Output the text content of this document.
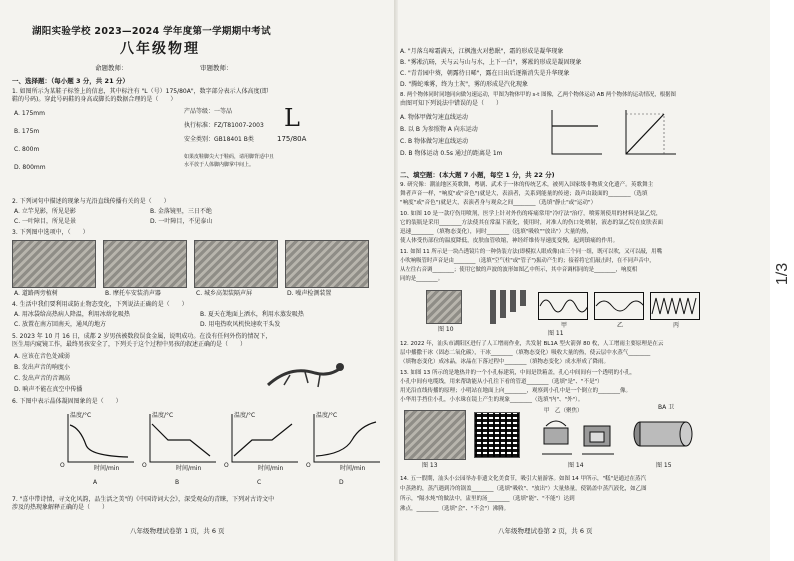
湖阳实验学校 2023—2024 学年度第一学期期中考试
八年级物理
命题教师：	审题教师：
一、选择题：（每小题 3 分，共 21 分）
1. 如图所示为某鞋子标签上的信息，其中标注有 "L（号）175/80A"，数字部分表示人体高度(即
鞋的号码)。穿此号码鞋的身高或脚长的数据合理的是（　　）
A. 175mm
B. 175m
C. 800m
D. 800mm
产品等级：一等品
执行标准：FZ/T81007-2003
安全类别：GB18401 B类
如果皮鞋脚尖大于鞋码，请用脚背适中且
水平放于人体脚内脚掌中间上。
L
175/80A
2. 下列词句中描述的现象与光沿直线传播有关的是（　　）
A. 立竿见影，所见是影	B. 金落镜里，三日不绝
C. 一叶障目，所见是景	D. 一叶障目，不见泰山
3. 下列图中选项中，（　　）
A. 道路两旁植树	B. 摩托车安装消声器	C. 城乡高架装隔声屏	D. 噪声检测装置
4. 生活中我们要利用或防止物态变化，下列说法正确的是（　　）
A. 用冰袋给高热病人降温，利用冰熔化吸热	B. 夏天在地面上洒水，利用水蒸发吸热
C. 放置在南方回南天，通风的地方	D. 用电热吹风机快速吹干头发
5. 2023 年 10 月 16 日，成都 2 岁男孩被数段误食金属，说明成功。在没有任何外伤的情况下，
医生用内窥镜工作，最终男孩安全了，下列关于这个过程中男孩的叙述正确的是（　　）
A. 应该在音色处减弱
B. 发出声音的响度小
C. 发出声音的音调高
D. 响声不能在真空中传播
6. 下图中表示晶体凝固图象的是（　　）
温度/°C
时间/min
O
温度/°C
时间/min
O
温度/°C
时间/min
O
温度/°C
时间/min
O
A	B	C	D
7. "喜中带诗情，寻文化风韵，品生活之美"的《中国诗词大会》，深受观众的青睐，下列对古诗文中
涉及的热现象解释正确的是（　　）
八年级物理试卷第 1 页，共 6 页
A. "月落乌啼霜满天，江枫渔火对愁眠"，霜的形成是凝华现象
B. "雾凇沆砀，天与云与山与水，上下一白"，雾凇的形成是凝固现象
C. "青青园中葵，朝露待日晞"，露在日出后逐渐消失是升华现象
D. "腾蛇乘雾，终为土灰"，雾的形成是汽化现象
8. 两个物体同时同地同向做匀速运动，甲图为物体甲的 s-t 图像，乙两个物体运动 AB 两个物体的运动情况，根据图
由图可知下列说法中错误的是（　　）
A. 物体甲做匀速直线运动
B. 以 B 为参照物 A 向东运动
C. B 物体做匀速直线运动
D. B 物体运动 0.5s 通过的距离是 1m
二、填空题：(本大题 7 小题，每空 1 分，共 22 分)
9. 研究像：潮汕地区英歌舞，粤剧、武术于一体的传统艺术，被列入国家级非物质文化遗产。英歌舞主
舞者声音一样，"响度"或"音色")就是大，表演者，关系到能量的传递；鼓声由鼓面的________（选填
"响度"或"音色")就是大，表演者身与观众之间________（选填"静止"或"运动"）
10. 如图 10 是一款疗伤用喷剂，医学上针对外伤的疼痛常用"冷疗法"治疗，喷雾剂使用的材料是氯乙烷，
它的装瓶是采用________方法使其在常温下液化，使用时，对准人的伤口处喷射，液态的氯乙烷在皮肤表面
迅速________（填物态变化），同时________（选填"吸收""放出"）大量的热，
使人体受伤部位的温度降低，皮肤血管收缩，神经纤维传导速度变慢，起到镇痛的作用。
11. 如图 11 所示是一块凸透镜片的一种伪装方法(即模拟人眼成像)由三个同一组，既可以吹，又可以敲，用嘴
小吹响吸管时声音是由________（选填"空气柱"或"管子")振动产生的；接着将它们敲击时，在不同声音中，
从左往右音调________；使用它做的声波的波形如图乙中所示，其中音调相同的是________，响度相
同的是________。
图 10
图 11
甲	乙	丙
12. 2022 年，汕头市湖阳区进行了人工增雨作业，共发射 BL1A 型火箭弹 80 枚，人工增雨主要原理是在云
层中播撒干冰（固态二氧化碳），干冰________（填物态变化）吸收大量的热，使云层中水蒸气________
（填物态变化）成冰晶，冰晶在下落过程中________（填物态变化）成水形成了降雨。
13. 如图 13 所示的是地热井的一个小孔标建筑，中间是铁箱盖，孔心中间间有一个透明的小孔，
小孔中间有电缆线，用来帮助能从小孔往下看的管道________（选填"是"、"不是"）
用光沿直线传播的原理；小明站在地面上向________，观察到小孔中是一个倒立的________像。
小华用手挡住小孔，小水珠在镜上产生的现象________（选填"内"、"外"）。
图 13
甲　乙（聚焦）
图 14
BA 卫
图 15
14. 五一假期，汕头小公园举办非遗文化美食节，吸引大量游客。如图 14 甲所示，"糕"是通过在蒸汽
中蒸熟的，蒸汽遇到冷的锅盖________（选填"吸收"、"放出"）大量热量，使锅盖中蒸汽液化，如乙图
所示，"隔水炖"的做法中，盅里的汤________（选填"能"、"不能"）达到
沸点，________（选填"会"、"不会"）沸腾。
八年级物理试卷第 2 页，共 6 页
1/3
